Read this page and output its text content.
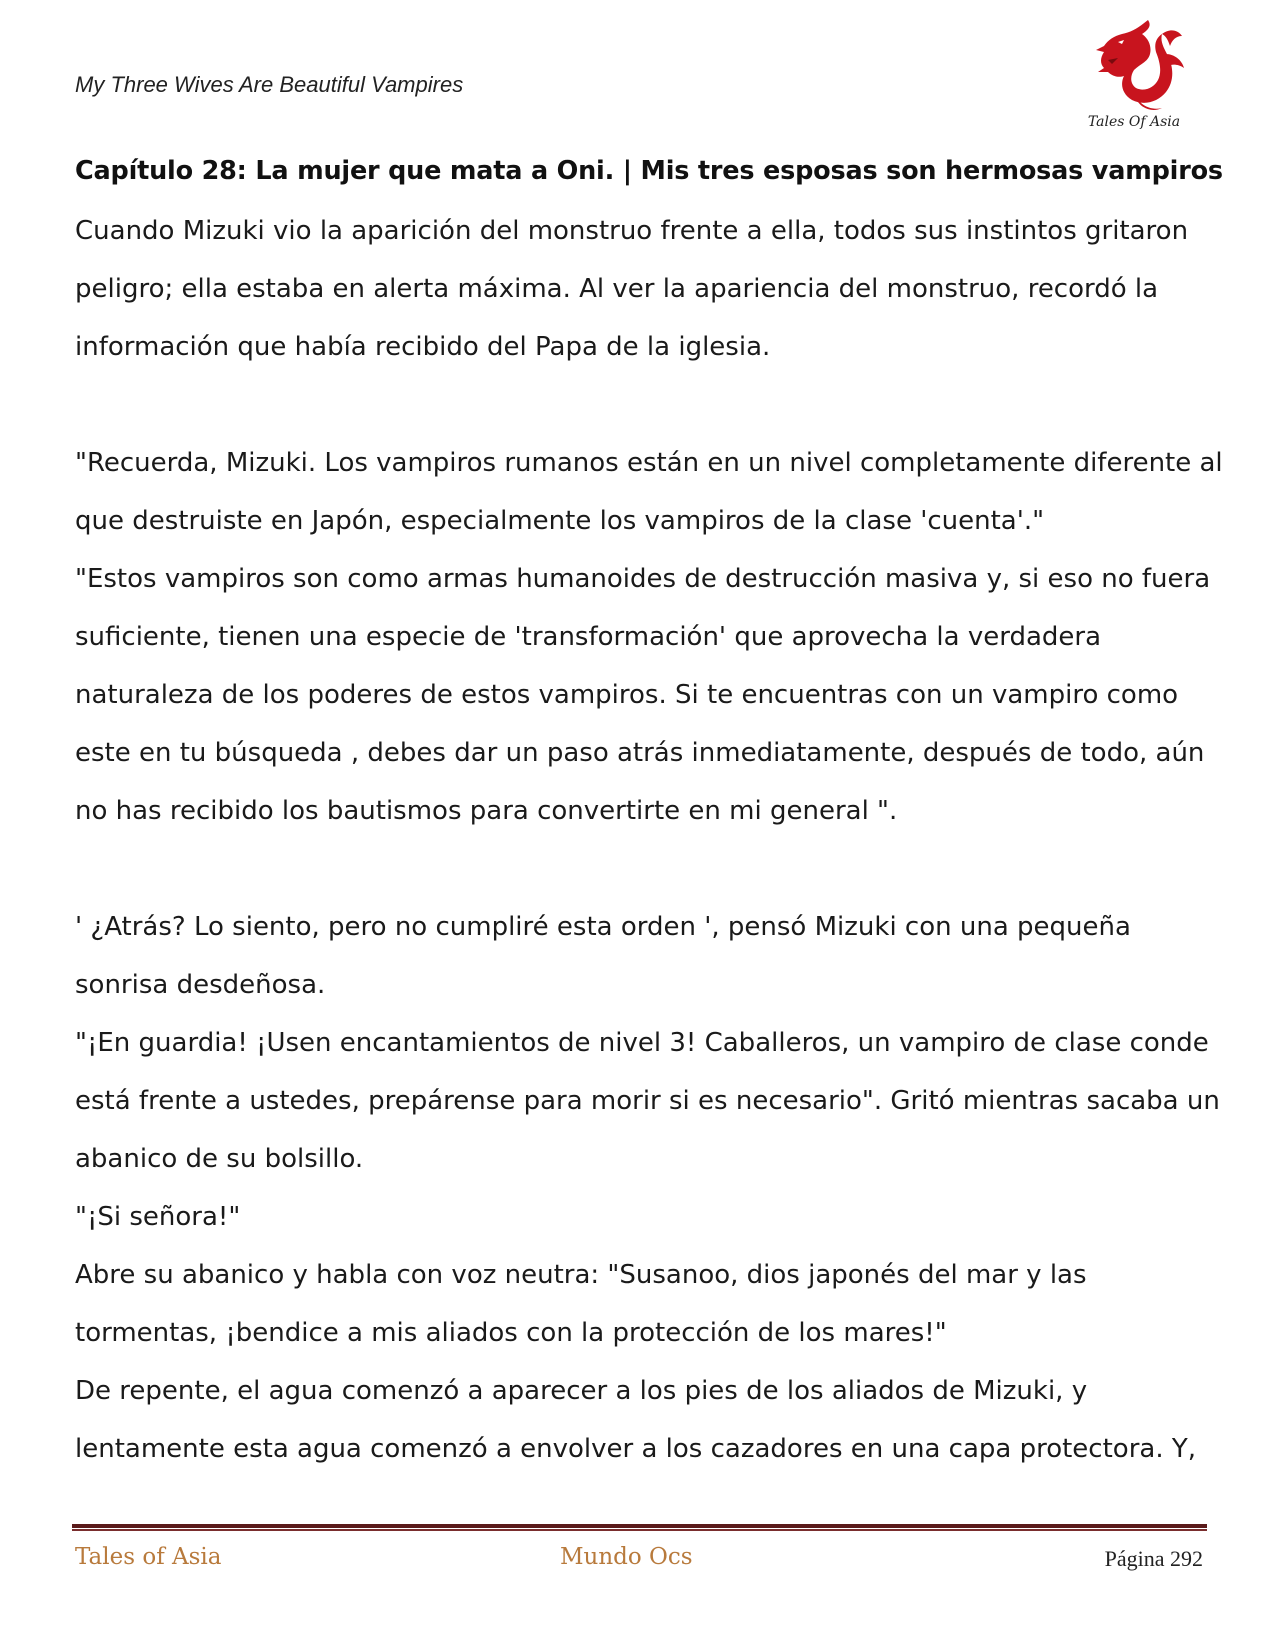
My Three Wives Are Beautiful Vampires
Tales Of Asia
Capítulo 28: La mujer que mata a Oni. | Mis tres esposas son hermosas vampiros
Cuando Mizuki vio la aparición del monstruo frente a ella, todos sus instintos gritaron
peligro; ella estaba en alerta máxima. Al ver la apariencia del monstruo, recordó la
información que había recibido del Papa de la iglesia.
"Recuerda, Mizuki. Los vampiros rumanos están en un nivel completamente diferente al
que destruiste en Japón, especialmente los vampiros de la clase 'cuenta'."
"Estos vampiros son como armas humanoides de destrucción masiva y, si eso no fuera
suficiente, tienen una especie de 'transformación' que aprovecha la verdadera
naturaleza de los poderes de estos vampiros. Si te encuentras con un vampiro como
este en tu búsqueda , debes dar un paso atrás inmediatamente, después de todo, aún
no has recibido los bautismos para convertirte en mi general ".
' ¿Atrás? Lo siento, pero no cumpliré esta orden ', pensó Mizuki con una pequeña
sonrisa desdeñosa.
"¡En guardia! ¡Usen encantamientos de nivel 3! Caballeros, un vampiro de clase conde
está frente a ustedes, prepárense para morir si es necesario". Gritó mientras sacaba un
abanico de su bolsillo.
"¡Si señora!"
Abre su abanico y habla con voz neutra: "Susanoo, dios japonés del mar y las
tormentas, ¡bendice a mis aliados con la protección de los mares!"
De repente, el agua comenzó a aparecer a los pies de los aliados de Mizuki, y
lentamente esta agua comenzó a envolver a los cazadores en una capa protectora. Y,
Tales of Asia	Mundo Ocs	Página 292
